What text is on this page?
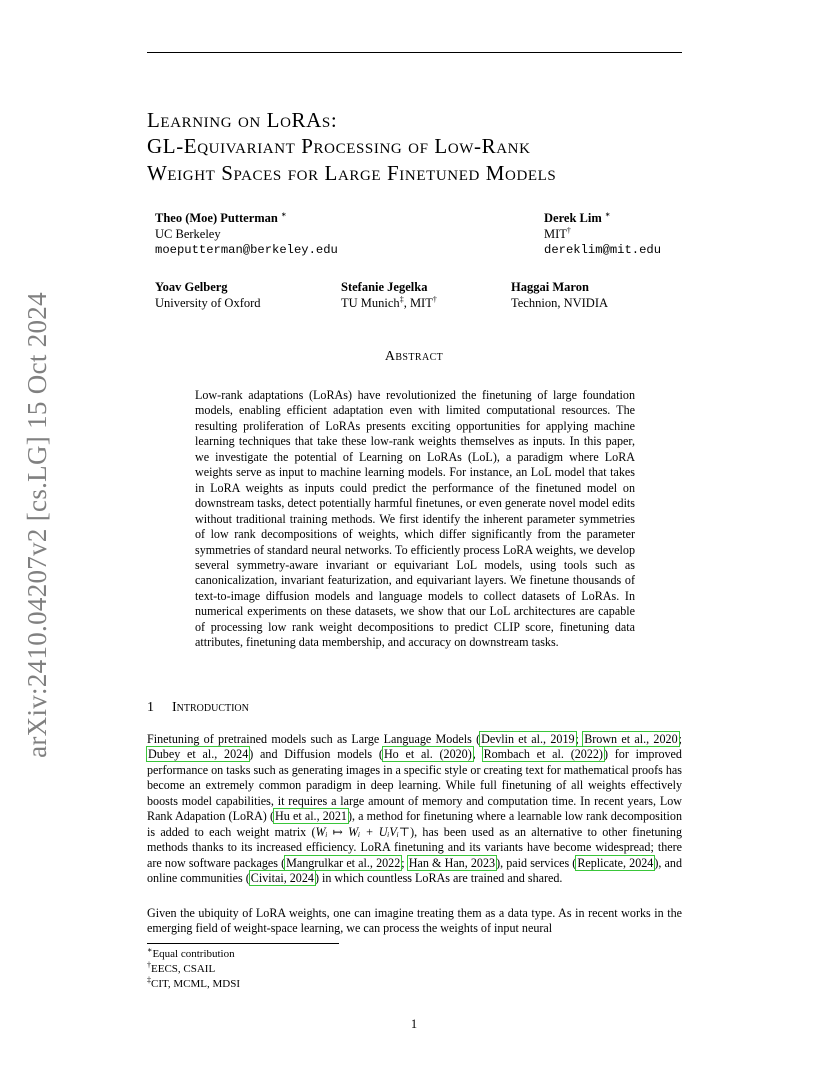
arXiv:2410.04207v2 [cs.LG] 15 Oct 2024
Learning on LoRAs:
GL-Equivariant Processing of Low-Rank
Weight Spaces for Large Finetuned Models
Theo (Moe) Putterman ∗
UC Berkeley
moeputterman@berkeley.edu
Derek Lim ∗
MIT†
dereklim@mit.edu
Yoav Gelberg
University of Oxford
Stefanie Jegelka
TU Munich‡, MIT†
Haggai Maron
Technion, NVIDIA
Abstract
Low-rank adaptations (LoRAs) have revolutionized the finetuning of large foundation models, enabling efficient adaptation even with limited computational resources. The resulting proliferation of LoRAs presents exciting opportunities for applying machine learning techniques that take these low-rank weights themselves as inputs. In this paper, we investigate the potential of Learning on LoRAs (LoL), a paradigm where LoRA weights serve as input to machine learning models. For instance, an LoL model that takes in LoRA weights as inputs could predict the performance of the finetuned model on downstream tasks, detect potentially harmful finetunes, or even generate novel model edits without traditional training methods. We first identify the inherent parameter symmetries of low rank decompositions of weights, which differ significantly from the parameter symmetries of standard neural networks. To efficiently process LoRA weights, we develop several symmetry-aware invariant or equivariant LoL models, using tools such as canonicalization, invariant featurization, and equivariant layers. We finetune thousands of text-to-image diffusion models and language models to collect datasets of LoRAs. In numerical experiments on these datasets, we show that our LoL architectures are capable of processing low rank weight decompositions to predict CLIP score, finetuning data attributes, finetuning data membership, and accuracy on downstream tasks.
1 Introduction
Finetuning of pretrained models such as Large Language Models (Devlin et al., 2019; Brown et al., 2020; Dubey et al., 2024) and Diffusion models (Ho et al. (2020), Rombach et al. (2022)) for improved performance on tasks such as generating images in a specific style or creating text for mathematical proofs has become an extremely common paradigm in deep learning. While full finetuning of all weights effectively boosts model capabilities, it requires a large amount of memory and computation time. In recent years, Low Rank Adapation (LoRA) (Hu et al., 2021), a method for finetuning where a learnable low rank decomposition is added to each weight matrix (Wᵢ ↦ Wᵢ + UᵢVᵢ⊤), has been used as an alternative to other finetuning methods thanks to its increased efficiency. LoRA finetuning and its variants have become widespread; there are now software packages (Mangrulkar et al., 2022; Han & Han, 2023), paid services (Replicate, 2024), and online communities (Civitai, 2024) in which countless LoRAs are trained and shared.
Given the ubiquity of LoRA weights, one can imagine treating them as a data type. As in recent works in the emerging field of weight-space learning, we can process the weights of input neural
∗Equal contribution
†EECS, CSAIL
‡CIT, MCML, MDSI
1
